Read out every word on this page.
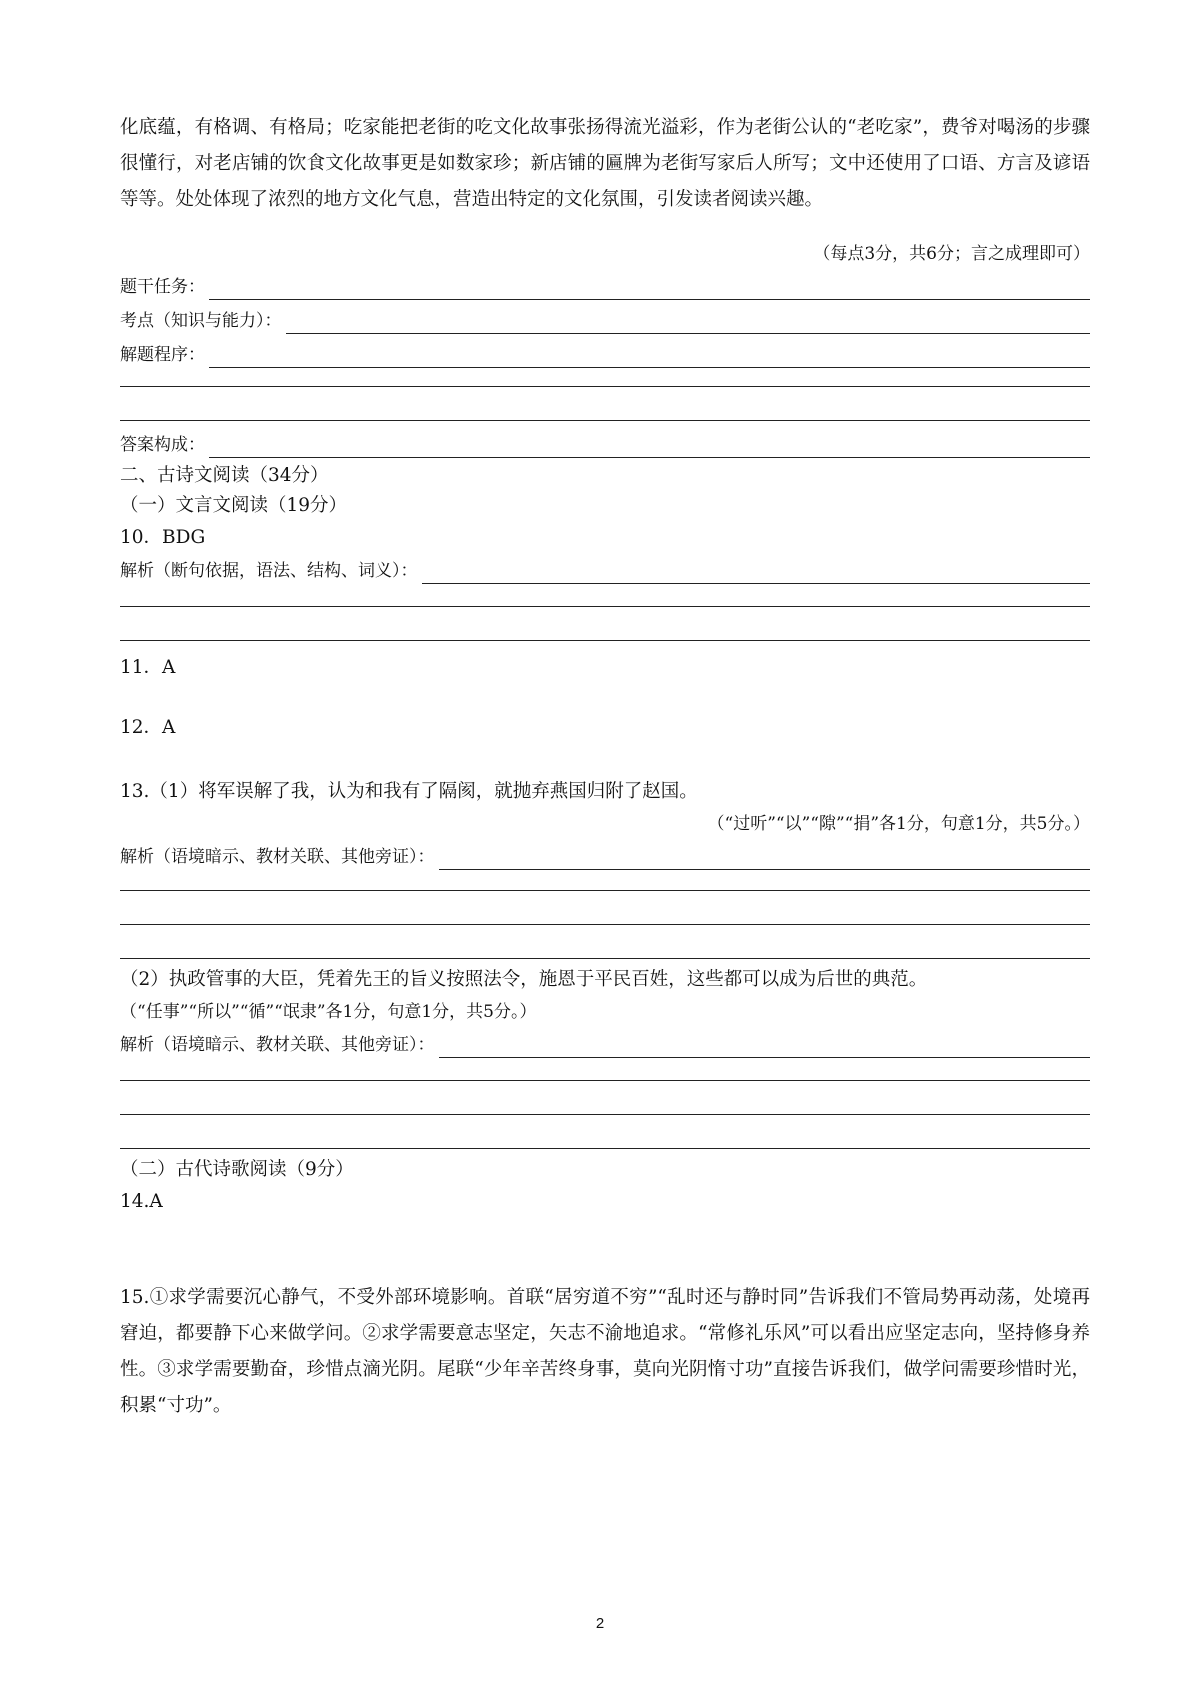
化底蕴，有格调、有格局；吃家能把老街的吃文化故事张扬得流光溢彩，作为老街公认的“老吃家”，费爷对喝汤的步骤很懂行，对老店铺的饮食文化故事更是如数家珍；新店铺的匾牌为老街写家后人所写；文中还使用了口语、方言及谚语等等。处处体现了浓烈的地方文化气息，营造出特定的文化氛围，引发读者阅读兴趣。

（每点3分，共6分；言之成理即可）
题干任务：
考点（知识与能力）：
解题程序：
答案构成：

二、古诗文阅读（34分）

（一）文言文阅读（19分）

10．BDG

解析（断句依据，语法、结构、词义）：

11．A

12．A

13.（1）将军误解了我，认为和我有了隔阂，就抛弃燕国归附了赵国。

（“过听”“以”“隙”“捐”各1分，句意1分，共5分。）
解析（语境暗示、教材关联、其他旁证）：

（2）执政管事的大臣，凭着先王的旨义按照法令，施恩于平民百姓，这些都可以成为后世的典范。

（“任事”“所以”“循”“氓隶”各1分，句意1分，共5分。）

解析（语境暗示、教材关联、其他旁证）：

（二）古代诗歌阅读（9分）

14.A

15.①求学需要沉心静气，不受外部环境影响。首联“居穷道不穷”“乱时还与静时同”告诉我们不管局势再动荡，处境再窘迫，都要静下心来做学问。②求学需要意志坚定，矢志不渝地追求。“常修礼乐风”可以看出应坚定志向，坚持修身养性。③求学需要勤奋，珍惜点滴光阴。尾联“少年辛苦终身事，莫向光阴惰寸功”直接告诉我们，做学问需要珍惜时光，积累“寸功”。

2
